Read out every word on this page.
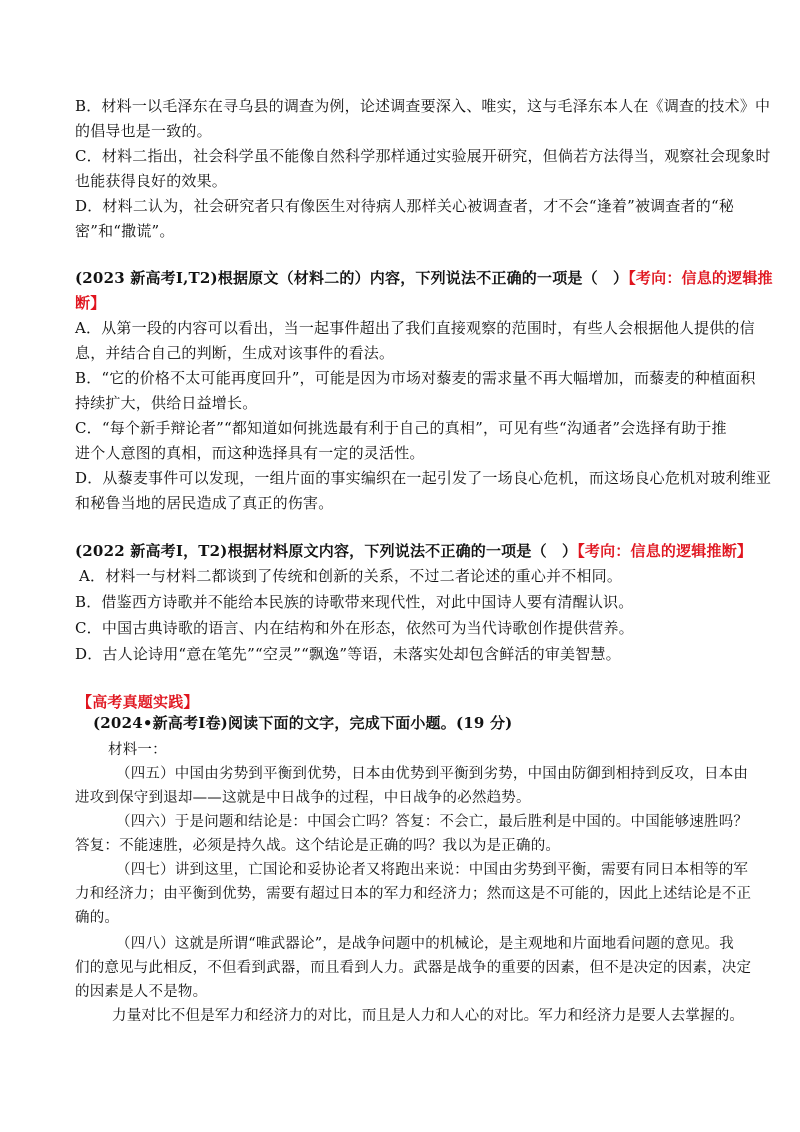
B．材料一以毛泽东在寻乌县的调查为例，论述调查要深入、唯实，这与毛泽东本人在《调查的技术》中
的倡导也是一致的。
C．材料二指出，社会科学虽不能像自然科学那样通过实验展开研究，但倘若方法得当，观察社会现象时
也能获得良好的效果。
D．材料二认为，社会研究者只有像医生对待病人那样关心被调查者，才不会“逢着”被调查者的“秘
密”和“撒谎”。
(2023 新高考Ⅰ,T2)根据原文（材料二的）内容，下列说法不正确的一项是（　）【考向：信息的逻辑推
断】
A．从第一段的内容可以看出，当一起事件超出了我们直接观察的范围时，有些人会根据他人提供的信
息，并结合自己的判断，生成对该事件的看法。
B．“它的价格不太可能再度回升”，可能是因为市场对藜麦的需求量不再大幅增加，而藜麦的种植面积
持续扩大，供给日益增长。
C．“每个新手辩论者”“都知道如何挑选最有利于自己的真相”，可见有些“沟通者”会选择有助于推
进个人意图的真相，而这种选择具有一定的灵活性。
D．从藜麦事件可以发现，一组片面的事实编织在一起引发了一场良心危机，而这场良心危机对玻利维亚
和秘鲁当地的居民造成了真正的伤害。
(2022 新高考Ⅰ，T2)根据材料原文内容，下列说法不正确的一项是（　）【考向：信息的逻辑推断】
A．材料一与材料二都谈到了传统和创新的关系，不过二者论述的重心并不相同。
B．借鉴西方诗歌并不能给本民族的诗歌带来现代性，对此中国诗人要有清醒认识。
C．中国古典诗歌的语言、内在结构和外在形态，依然可为当代诗歌创作提供营养。
D．古人论诗用“意在笔先”“空灵”“飘逸”等语，未落实处却包含鲜活的审美智慧。
【高考真题实践】
(2024•新高考Ⅰ卷)阅读下面的文字，完成下面小题。(19 分)
材料一：
（四五）中国由劣势到平衡到优势，日本由优势到平衡到劣势，中国由防御到相持到反攻，日本由
进攻到保守到退却——这就是中日战争的过程，中日战争的必然趋势。
（四六）于是问题和结论是：中国会亡吗？答复：不会亡，最后胜利是中国的。中国能够速胜吗？
答复：不能速胜，必须是持久战。这个结论是正确的吗？我以为是正确的。
（四七）讲到这里，亡国论和妥协论者又将跑出来说：中国由劣势到平衡，需要有同日本相等的军
力和经济力；由平衡到优势，需要有超过日本的军力和经济力；然而这是不可能的，因此上述结论是不正
确的。
（四八）这就是所谓“唯武器论”，是战争问题中的机械论，是主观地和片面地看问题的意见。我
们的意见与此相反，不但看到武器，而且看到人力。武器是战争的重要的因素，但不是决定的因素，决定
的因素是人不是物。
力量对比不但是军力和经济力的对比，而且是人力和人心的对比。军力和经济力是要人去掌握的。
